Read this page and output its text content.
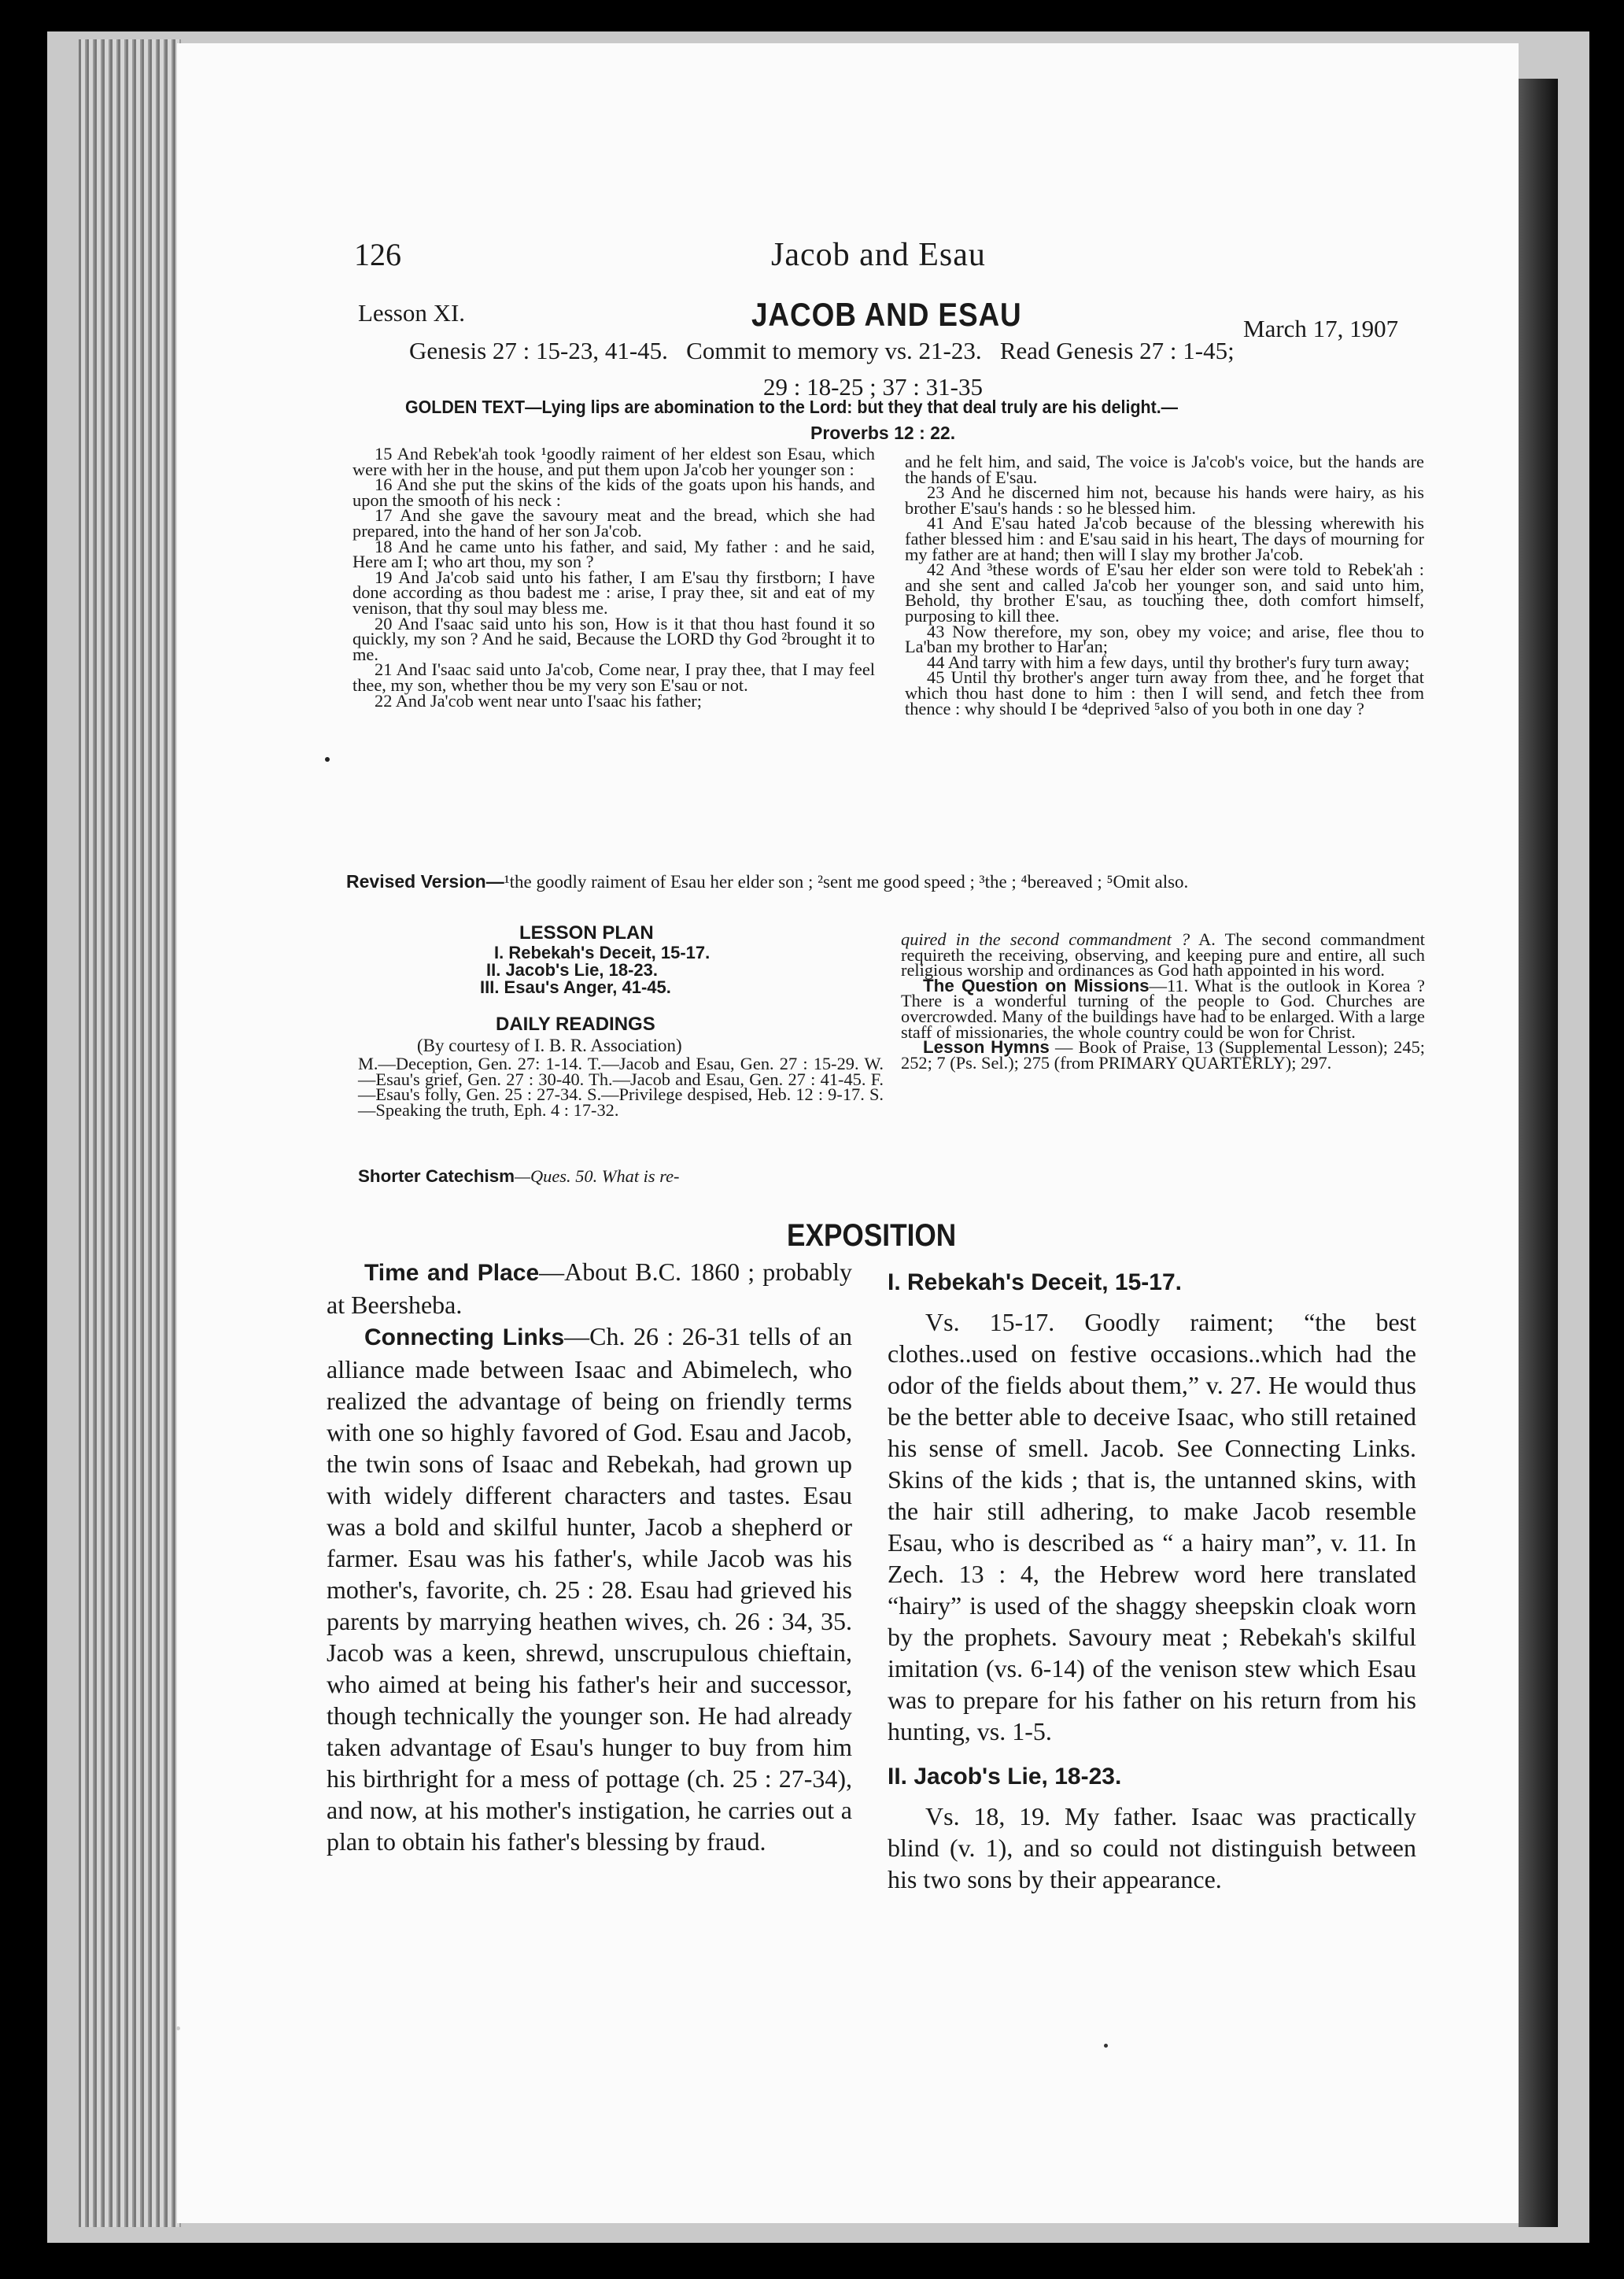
126	Jacob and Esau
Lesson XI.	JACOB AND ESAU	March 17, 1907
Genesis 27 : 15-23, 41-45.   Commit to memory vs. 21-23.   Read Genesis 27 : 1-45;
29 : 18-25 ; 37 : 31-35
GOLDEN TEXT—Lying lips are abomination to the Lord: but they that deal truly are his delight.—
Proverbs 12 : 22.

15 And Rebek'ah took ¹goodly raiment of her eldest son Esau, which were with her in the house, and put them upon Ja'cob her younger son :

16 And she put the skins of the kids of the goats upon his hands, and upon the smooth of his neck :

17 And she gave the savoury meat and the bread, which she had prepared, into the hand of her son Ja'cob.

18 And he came unto his father, and said, My father : and he said, Here am I; who art thou, my son ?

19 And Ja'cob said unto his father, I am E'sau thy firstborn; I have done according as thou badest me : arise, I pray thee, sit and eat of my venison, that thy soul may bless me.

20 And I'saac said unto his son, How is it that thou hast found it so quickly, my son ? And he said, Because the LORD thy God ²brought it to me.

21 And I'saac said unto Ja'cob, Come near, I pray thee, that I may feel thee, my son, whether thou be my very son E'sau or not.

22 And Ja'cob went near unto I'saac his father;

and he felt him, and said, The voice is Ja'cob's voice, but the hands are the hands of E'sau.

23 And he discerned him not, because his hands were hairy, as his brother E'sau's hands : so he blessed him.

41 And E'sau hated Ja'cob because of the blessing wherewith his father blessed him : and E'sau said in his heart, The days of mourning for my father are at hand; then will I slay my brother Ja'cob.

42 And ³these words of E'sau her elder son were told to Rebek'ah : and she sent and called Ja'cob her younger son, and said unto him, Behold, thy brother E'sau, as touching thee, doth comfort himself, purposing to kill thee.

43 Now therefore, my son, obey my voice; and arise, flee thou to La'ban my brother to Har'an;

44 And tarry with him a few days, until thy brother's fury turn away;

45 Until thy brother's anger turn away from thee, and he forget that which thou hast done to him : then I will send, and fetch thee from thence : why should I be ⁴deprived ⁵also of you both in one day ?

Revised Version—¹the goodly raiment of Esau her elder son ; ²sent me good speed ; ³the ; ⁴bereaved ; ⁵Omit also.
LESSON PLAN
I. Rebekah's Deceit, 15-17.
II. Jacob's Lie, 18-23.
III. Esau's Anger, 41-45.
DAILY READINGS
(By courtesy of I. B. R. Association)
M.—Deception, Gen. 27: 1-14. T.—Jacob and Esau, Gen. 27 : 15-29. W.—Esau's grief, Gen. 27 : 30-40. Th.—Jacob and Esau, Gen. 27 : 41-45. F.—Esau's folly, Gen. 25 : 27-34. S.—Privilege despised, Heb. 12 : 9-17. S.—Speaking the truth, Eph. 4 : 17-32.
Shorter Catechism—Ques. 50. What is re-

quired in the second commandment ? A. The second commandment requireth the receiving, observing, and keeping pure and entire, all such religious worship and ordinances as God hath appointed in his word.

The Question on Missions—11. What is the outlook in Korea ? There is a wonderful turning of the people to God. Churches are overcrowded. Many of the buildings have had to be enlarged. With a large staff of missionaries, the whole country could be won for Christ.

Lesson Hymns — Book of Praise, 13 (Supplemental Lesson); 245; 252; 7 (Ps. Sel.); 275 (from PRIMARY QUARTERLY); 297.

EXPOSITION

Time and Place—About B.C. 1860 ; probably at Beersheba.

Connecting Links—Ch. 26 : 26-31 tells of an alliance made between Isaac and Abimelech, who realized the advantage of being on friendly terms with one so highly favored of God. Esau and Jacob, the twin sons of Isaac and Rebekah, had grown up with widely different characters and tastes. Esau was a bold and skilful hunter, Jacob a shepherd or farmer. Esau was his father's, while Jacob was his mother's, favorite, ch. 25 : 28. Esau had grieved his parents by marrying heathen wives, ch. 26 : 34, 35. Jacob was a keen, shrewd, unscrupulous chieftain, who aimed at being his father's heir and successor, though technically the younger son. He had already taken advantage of Esau's hunger to buy from him his birthright for a mess of pottage (ch. 25 : 27-34), and now, at his mother's instigation, he carries out a plan to obtain his father's blessing by fraud.

I. Rebekah's Deceit, 15-17.

Vs. 15-17. Goodly raiment; “the best clothes..used on festive occasions..which had the odor of the fields about them,” v. 27. He would thus be the better able to deceive Isaac, who still retained his sense of smell. Jacob. See Connecting Links. Skins of the kids ; that is, the untanned skins, with the hair still adhering, to make Jacob resemble Esau, who is described as “ a hairy man”, v. 11. In Zech. 13 : 4, the Hebrew word here translated “hairy” is used of the shaggy sheepskin cloak worn by the prophets. Savoury meat ; Rebekah's skilful imitation (vs. 6-14) of the venison stew which Esau was to prepare for his father on his return from his hunting, vs. 1-5.

II. Jacob's Lie, 18-23.

Vs. 18, 19. My father. Isaac was practically blind (v. 1), and so could not distinguish between his two sons by their appearance.
